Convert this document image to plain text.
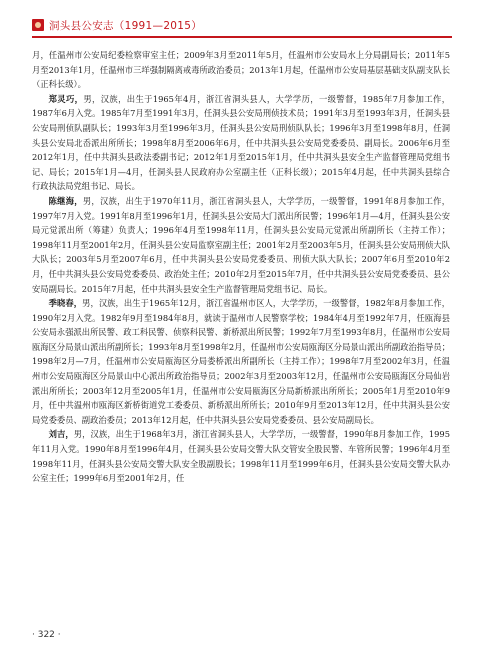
洞头县公安志（1991—2015）

月，任温州市公安局纪委检察审室主任；2009年3月至2011年5月，任温州市公安局水上分局副局长；2011年5月至2013年1月，任温州市三垟强制隔离戒毒所政治委员；2013年1月起，任温州市公安局基层基础支队副支队长（正科长级）。

郑灵巧，男，汉族，出生于1965年4月，浙江省洞头县人，大学学历，一级警督，1985年7月参加工作，1987年6月入党。1985年7月至1991年3月，任洞头县公安局刑侦技术员；1991年3月至1993年3月，任洞头县公安局刑侦队副队长；1993年3月至1996年3月，任洞头县公安局刑侦队队长；1996年3月至1998年8月，任洞头县公安局北岙派出所所长；1998年8月至2006年6月，任中共洞头县公安局党委委员、副局长。2006年6月至2012年1月，任中共洞头县政法委副书记；2012年1月至2015年1月，任中共洞头县安全生产监督管理局党组书记、局长；2015年1月—4月，任洞头县人民政府办公室副主任（正科长级）；2015年4月起，任中共洞头县综合行政执法局党组书记、局长。

陈继海，男，汉族，出生于1970年11月，浙江省洞头县人，大学学历，一级警督，1991年8月参加工作，1997年7月入党。1991年8月至1996年1月，任洞头县公安局大门派出所民警；1996年1月—4月，任洞头县公安局元觉派出所（筹建）负责人；1996年4月至1998年11月，任洞头县公安局元觉派出所副所长（主持工作）；1998年11月至2001年2月，任洞头县公安局监察室副主任；2001年2月至2003年5月，任洞头县公安局刑侦大队大队长；2003年5月至2007年6月，任中共洞头县公安局党委委员、刑侦大队大队长；2007年6月至2010年2月，任中共洞头县公安局党委委员、政治处主任；2010年2月至2015年7月，任中共洞头县公安局党委委员、县公安局副局长。2015年7月起，任中共洞头县安全生产监督管理局党组书记、局长。

季晓春，男，汉族，出生于1965年12月，浙江省温州市区人，大学学历，一级警督，1982年8月参加工作，1990年2月入党。1982年9月至1984年8月，就读于温州市人民警察学校；1984年4月至1992年7月，任瓯海县公安局永强派出所民警、政工科民警、侦察科民警、新桥派出所民警；1992年7月至1993年8月，任温州市公安局瓯海区分局景山派出所副所长；1993年8月至1998年2月，任温州市公安局瓯海区分局景山派出所副政治指导员；1998年2月—7月，任温州市公安局瓯海区分局娄桥派出所副所长（主持工作）；1998年7月至2002年3月，任温州市公安局瓯海区分局景山中心派出所政治指导员；2002年3月至2003年12月，任温州市公安局瓯海区分局仙岩派出所所长；2003年12月至2005年1月，任温州市公安局瓯海区分局新桥派出所所长；2005年1月至2010年9月，任中共温州市瓯海区新桥街道党工委委员、新桥派出所所长；2010年9月至2013年12月，任中共洞头县公安局党委委员、副政治委员；2013年12月起，任中共洞头县公安局党委委员、县公安局副局长。

刘吉，男，汉族，出生于1968年3月，浙江省洞头县人，大学学历，一级警督，1990年8月参加工作，1995年11月入党。1990年8月至1996年4月，任洞头县公安局交警大队交管安全股民警、车管所民警；1996年4月至1998年11月，任洞头县公安局交警大队安全股副股长；1998年11月至1999年6月，任洞头县公安局交警大队办公室主任；1999年6月至2001年2月，任

· 322 ·
